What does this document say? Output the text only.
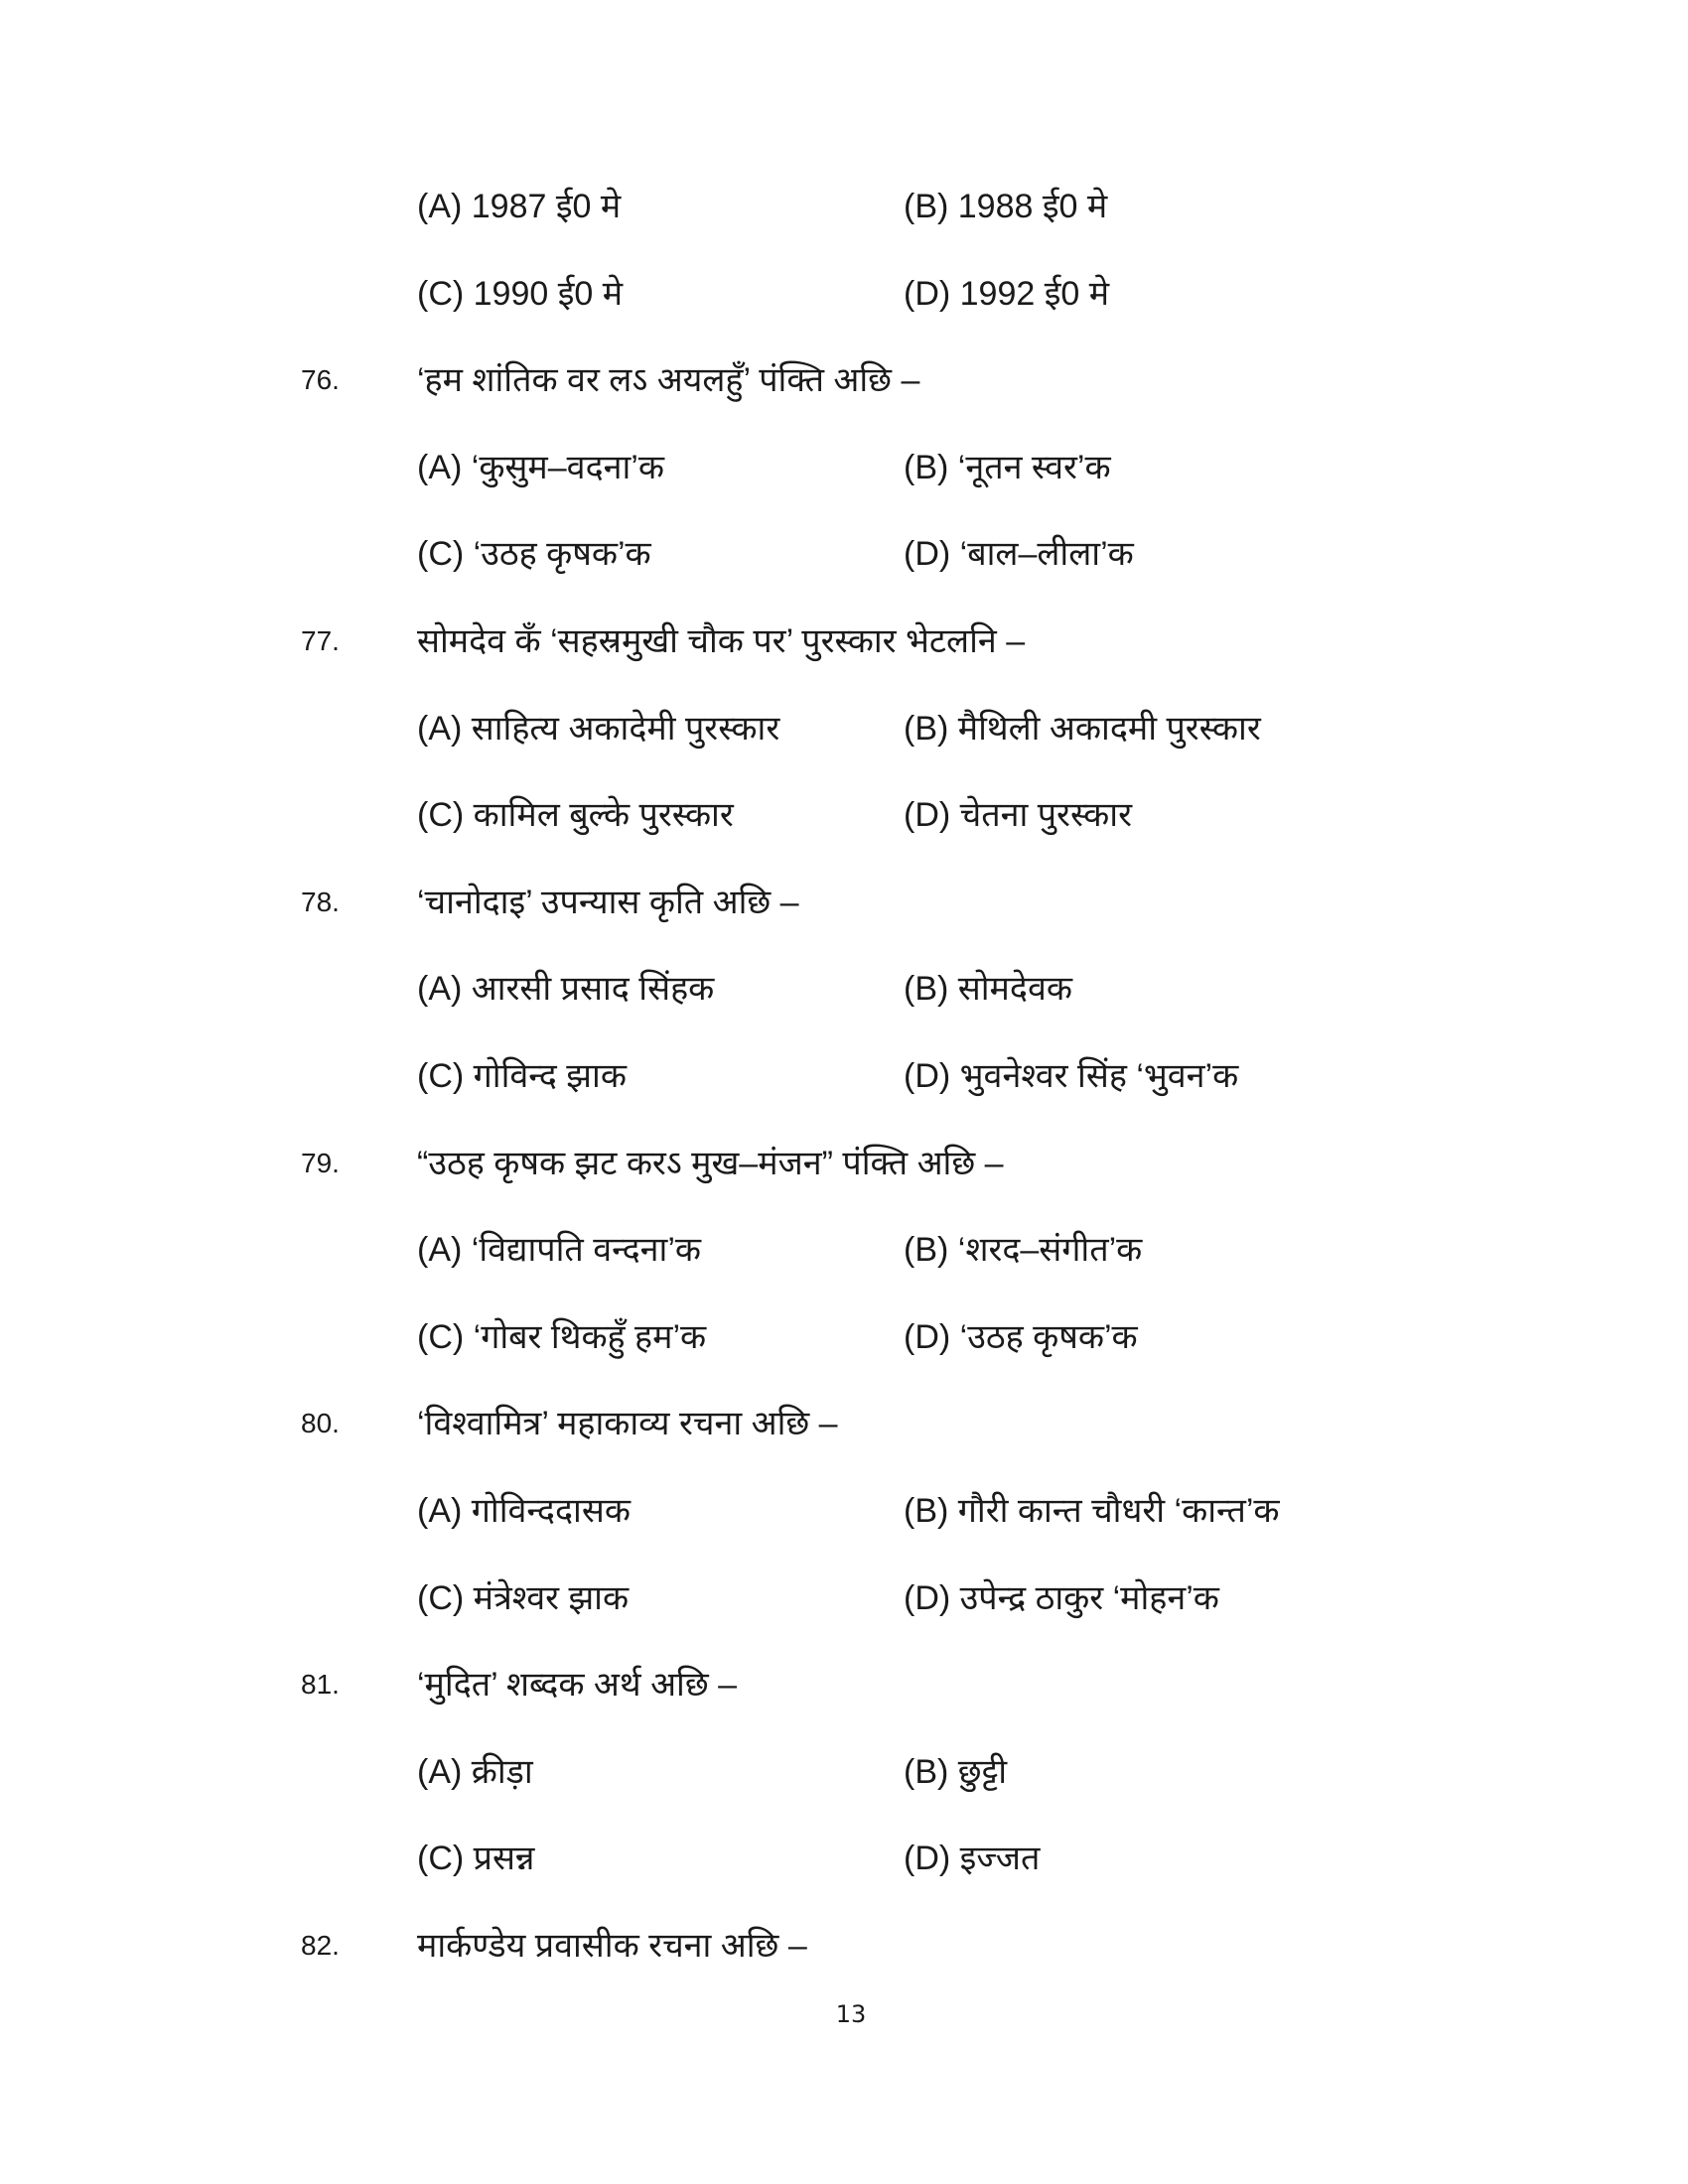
(A) 1987 ई0 मे	(B) 1988 ई0 मे
(C) 1990 ई0 मे	(D) 1992 ई0 मे
76. ‘हम शांतिक वर लऽ अयलहुँ’ पंक्ति अछि –
(A) ‘कुसुम–वदना’क	(B) ‘नूतन स्वर’क
(C) ‘उठह कृषक’क	(D) ‘बाल–लीला’क
77. सोमदेव कँ ‘सहस्रमुखी चौक पर’ पुरस्कार भेटलनि –
(A) साहित्य अकादेमी पुरस्कार	(B) मैथिली अकादमी पुरस्कार
(C) कामिल बुल्के पुरस्कार	(D) चेतना पुरस्कार
78. ‘चानोदाइ’ उपन्यास कृति अछि –
(A) आरसी प्रसाद सिंहक	(B) सोमदेवक
(C) गोविन्द झाक	(D) भुवनेश्वर सिंह ‘भुवन’क
79. “उठह कृषक झट करऽ मुख–मंजन” पंक्ति अछि –
(A) ‘विद्यापति वन्दना’क	(B) ‘शरद–संगीत’क
(C) ‘गोबर थिकहुँ हम’क	(D) ‘उठह कृषक’क
80. ‘विश्वामित्र’ महाकाव्य रचना अछि –
(A) गोविन्ददासक	(B) गौरी कान्त चौधरी ‘कान्त’क
(C) मंत्रेश्वर झाक	(D) उपेन्द्र ठाकुर ‘मोहन’क
81. ‘मुदित’ शब्दक अर्थ अछि –
(A) क्रीड़ा	(B) छुट्टी
(C) प्रसन्न	(D) इज्जत
82. मार्कण्डेय प्रवासीक रचना अछि –
13
